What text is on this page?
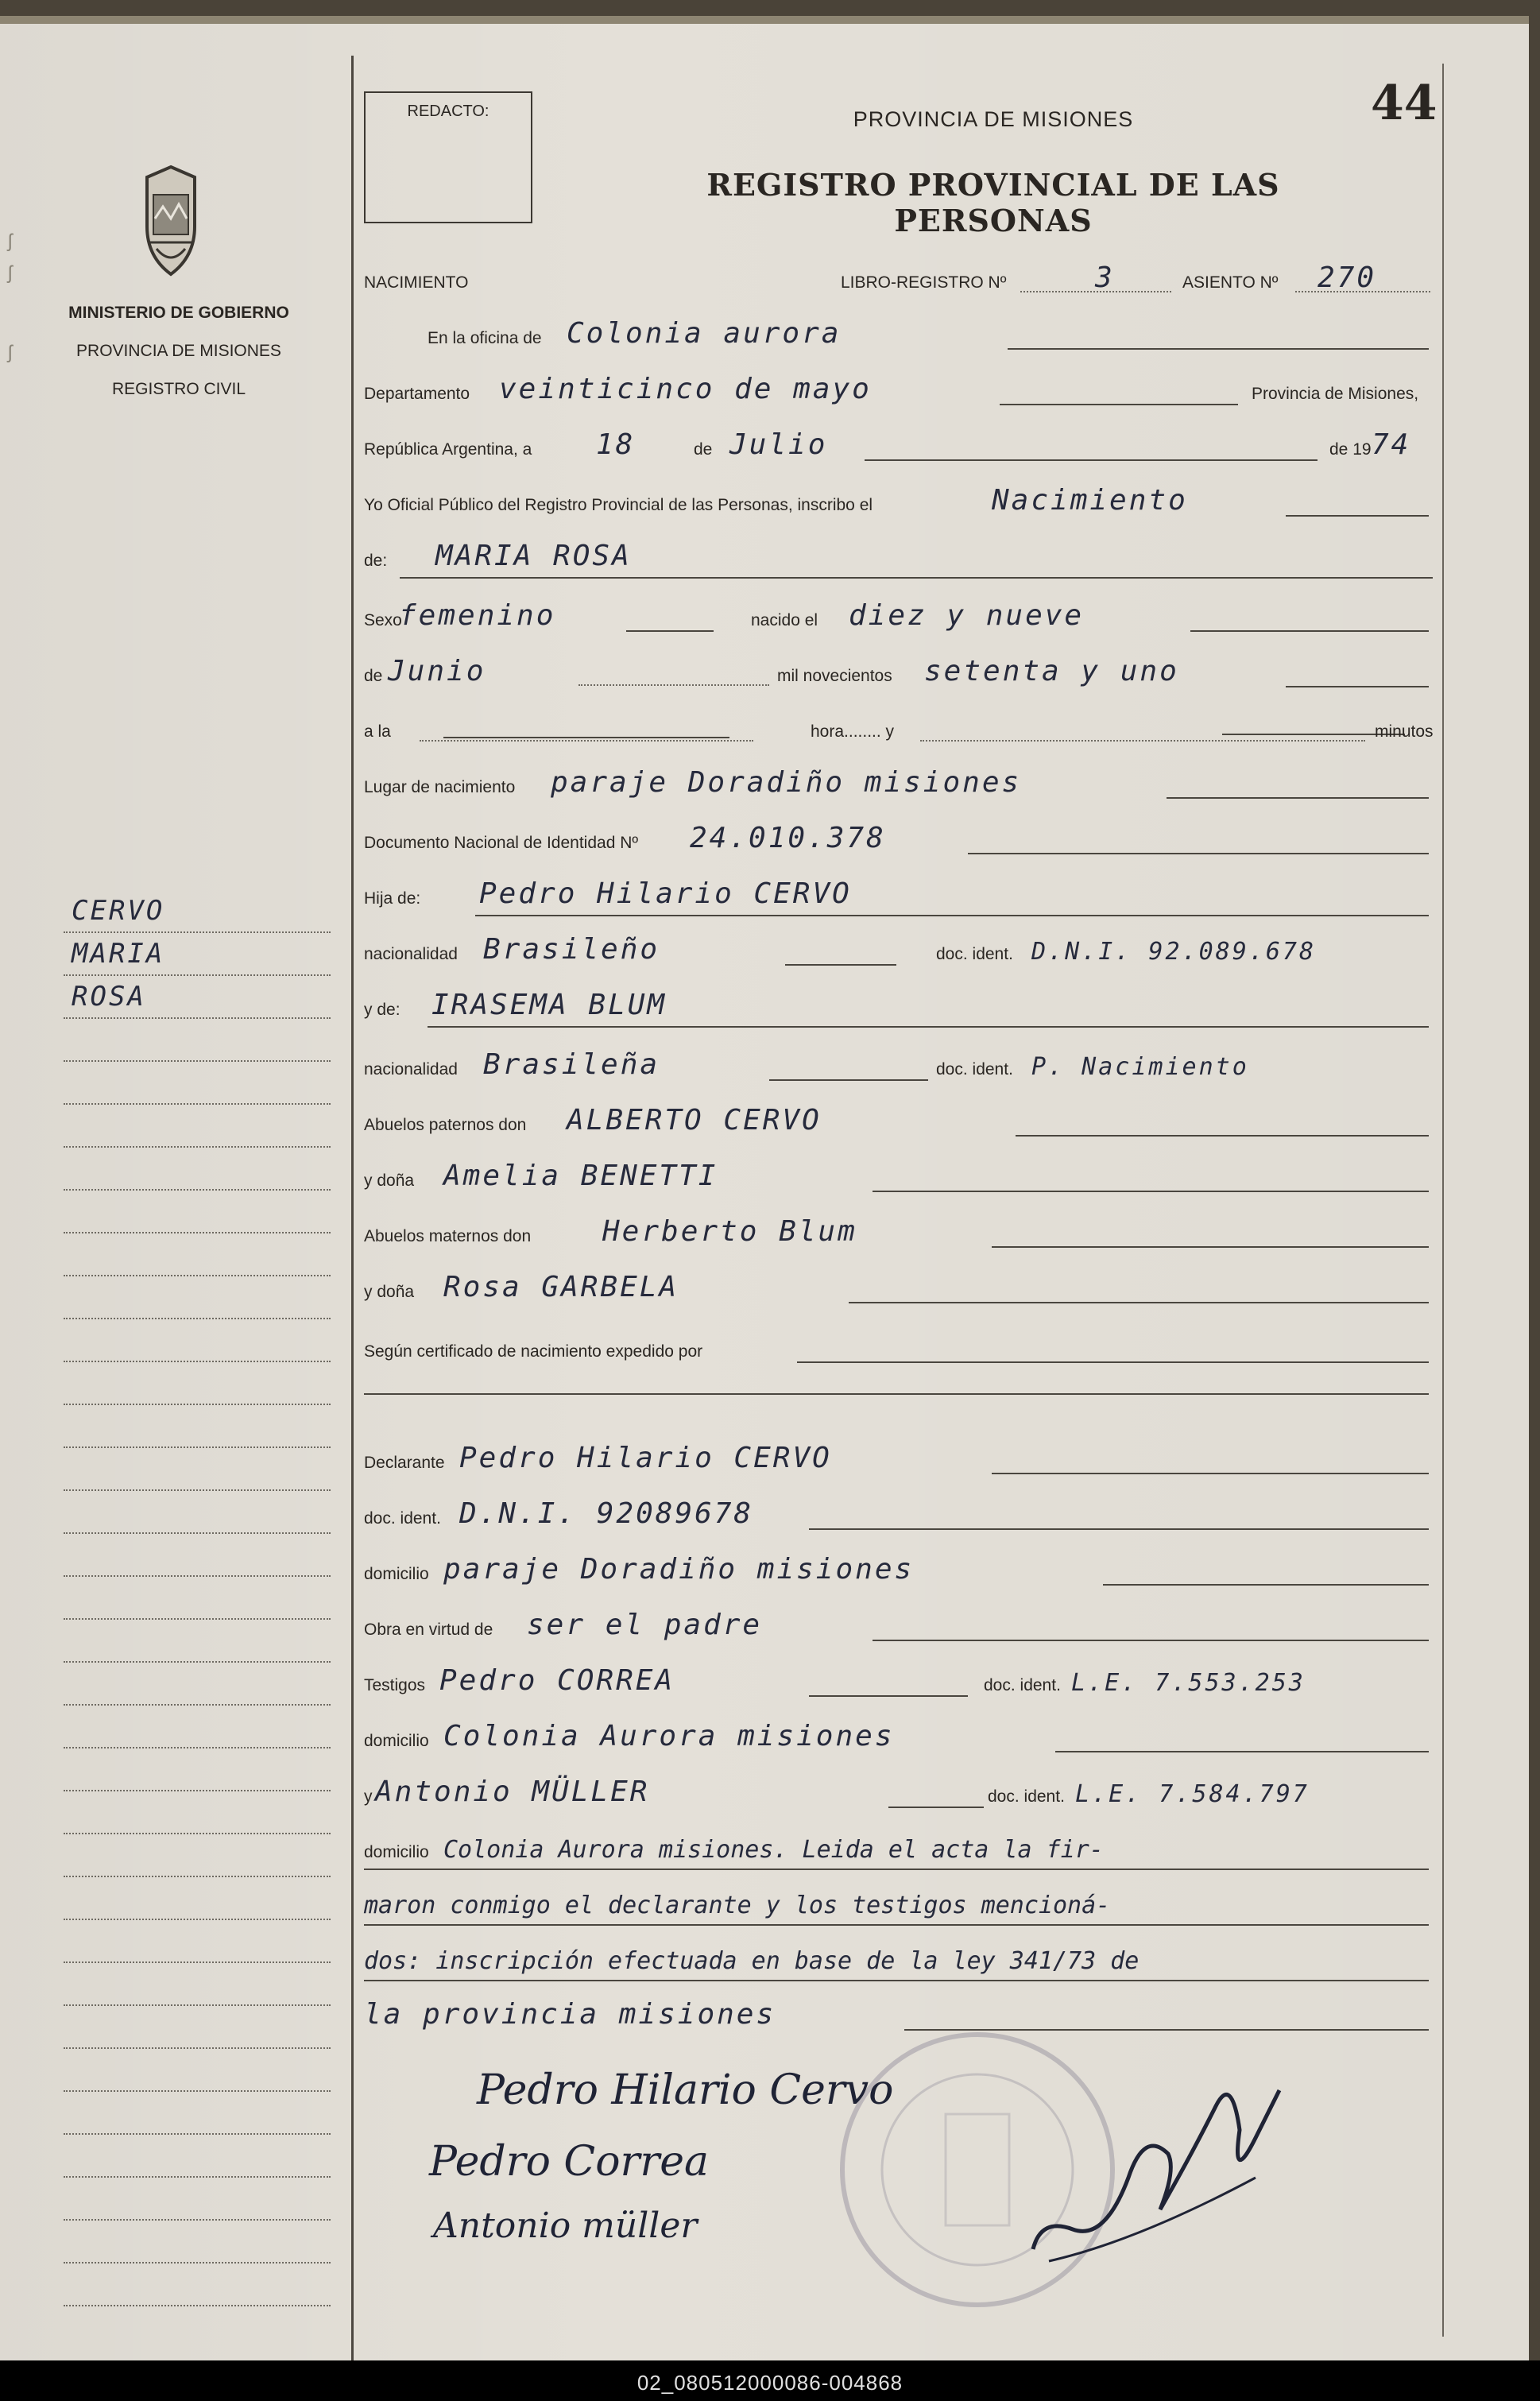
ʃ
ʃ
ʃ
MINISTERIO DE GOBIERNO
PROVINCIA DE MISIONES
REGISTRO CIVIL
CERVO
MARIA
ROSA
REDACTO:	44
PROVINCIA DE MISIONES
REGISTRO PROVINCIAL DE LAS PERSONAS
NACIMIENTO	LIBRO-REGISTRO Nº	3	ASIENTO Nº 270
En la oficina de Colonia aurora
Departamento veinticinco de mayo	Provincia de Misiones,
República Argentina, a 18	de Julio	de 19 74
Yo Oficial Público del Registro Provincial de las Personas, inscribo el	Nacimiento
de: MARIA ROSA
Sexo
femenino	nacido el diez y nueve
de Junio	mil novecientos setenta y uno
a la	hora........ y	minutos
Lugar de nacimiento paraje Doradiño misiones
Documento Nacional de Identidad Nº 24.010.378
Hija de: Pedro Hilario CERVO
nacionalidad Brasileño	doc. ident. D.N.I. 92.089.678
y de: IRASEMA BLUM
nacionalidad Brasileña	doc. ident. P. Nacimiento
Abuelos paternos don ALBERTO CERVO
y doña Amelia BENETTI
Abuelos maternos don Herberto Blum
y doña Rosa GARBELA
Según certificado de nacimiento expedido por
Declarante Pedro Hilario CERVO
doc. ident. D.N.I. 92089678
domicilio paraje Doradiño misiones
Obra en virtud de ser el padre
Testigos Pedro CORREA	doc. ident. L.E. 7.553.253
domicilio Colonia Aurora misiones
y Antonio MÜLLER	doc. ident. L.E. 7.584.797
domicilio Colonia Aurora misiones. Leida el acta la fir-
maron conmigo el declarante y los testigos mencioná-
dos: inscripción efectuada en base de la ley 341/73 de
la provincia misiones
Pedro Hilario Cervo
Pedro Correa
Antonio müller
02_080512000086-004868
